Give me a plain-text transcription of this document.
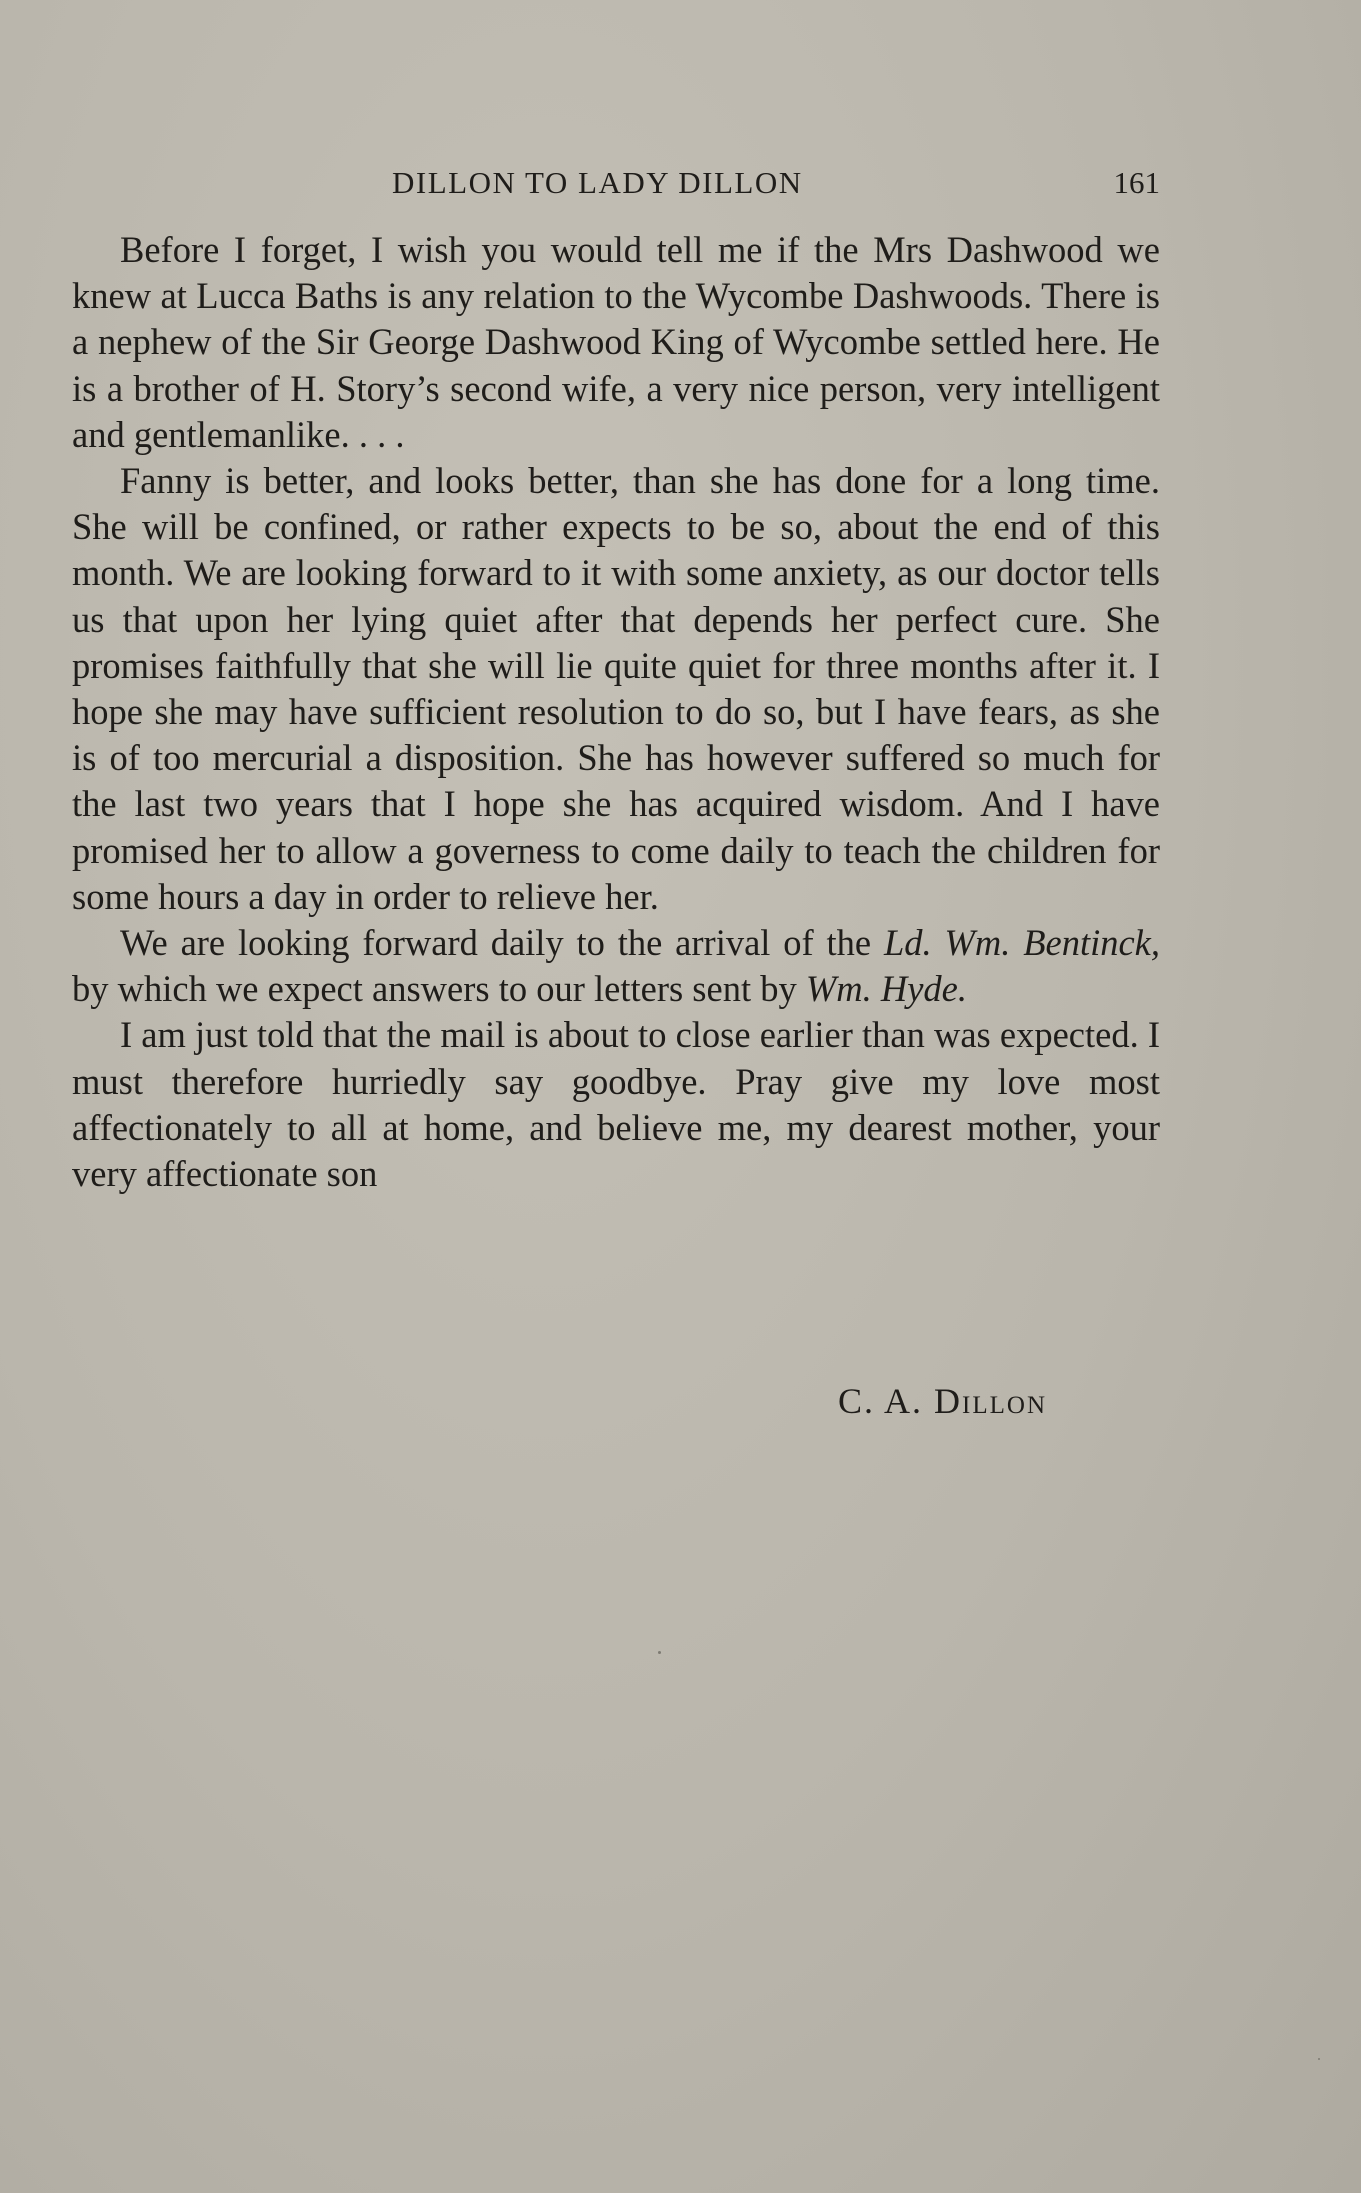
DILLON TO LADY DILLON	161

Before I forget, I wish you would tell me if the Mrs Dashwood we knew at Lucca Baths is any relation to the Wycombe Dashwoods. There is a nephew of the Sir George Dashwood King of Wycombe settled here. He is a brother of H. Story’s second wife, a very nice person, very intelligent and gentlemanlike. . . .

Fanny is better, and looks better, than she has done for a long time. She will be confined, or rather expects to be so, about the end of this month. We are looking forward to it with some anxiety, as our doctor tells us that upon her lying quiet after that depends her perfect cure. She promises faithfully that she will lie quite quiet for three months after it. I hope she may have sufficient resolution to do so, but I have fears, as she is of too mercurial a disposition. She has however suffered so much for the last two years that I hope she has acquired wisdom. And I have promised her to allow a governess to come daily to teach the children for some hours a day in order to relieve her.

We are looking forward daily to the arrival of the Ld. Wm. Bentinck, by which we expect answers to our letters sent by Wm. Hyde.

I am just told that the mail is about to close earlier than was expected. I must therefore hurriedly say goodbye. Pray give my love most affectionately to all at home, and believe me, my dearest mother, your very affectionate son

C. A. Dillon
